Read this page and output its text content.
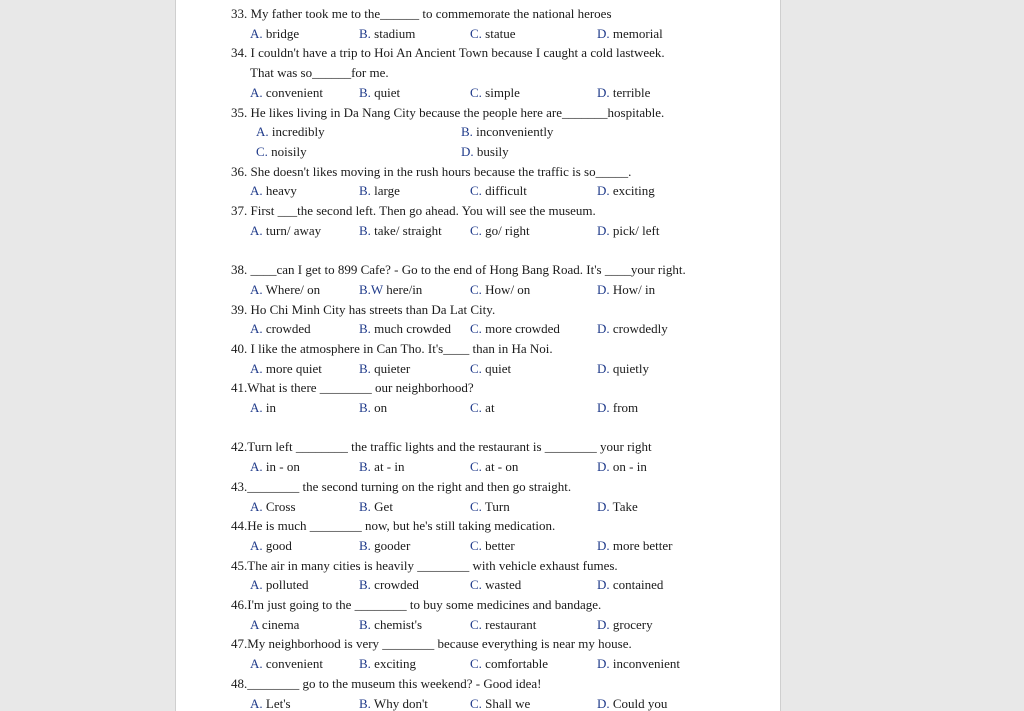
33. My father took me to the______ to commemorate the national heroes
A. bridge	B. stadium	C. statue	D. memorial
34. I couldn't have a trip to Hoi An Ancient Town because I caught a cold lastweek.
That was so______for me.
A. convenient	B. quiet	C. simple	D. terrible
35. He likes living in Da Nang City because the people here are_______hospitable.
A. incredibly	B. inconveniently
C. noisily	D. busily
36. She doesn't likes moving in the rush hours because the traffic is so_____.
A. heavy	B. large	C. difficult	D. exciting
37. First ___the second left. Then go ahead. You will see the museum.
A. turn/ away	B. take/ straight C. go/ right	D. pick/ left
38. ____can I get to 899 Cafe? - Go to the end of Hong Bang Road. It's ____your right.
A. Where/ on	B.W here/in	C. How/ on	D. How/ in
39. Ho Chi Minh City has streets than Da Lat City.
A. crowded	B. much crowded C. more crowded	D. crowdedly
40. I like the atmosphere in Can Tho. It's____ than in Ha Noi.
A. more quiet	B. quieter	C. quiet	D. quietly
41.What is there ________ our neighborhood?
A. in	B. on	C. at	D. from
42.Turn left ________ the traffic lights and the restaurant is ________ your right
A. in - on	B. at - in	C. at - on	D. on - in
43.________ the second turning on the right and then go straight.
A. Cross	B. Get	C. Turn	D. Take
44.He is much ________ now, but he's still taking medication.
A. good	B. gooder	C. better	D. more better
45.The air in many cities is heavily ________ with vehicle exhaust fumes.
A. polluted	B. crowded	C. wasted	D. contained
46.I'm just going to the ________ to buy some medicines and bandage.
A cinema	B. chemist's	C. restaurant	D. grocery
47.My neighborhood is very ________ because everything is near my house.
A. convenient	B. exciting	C. comfortable	D. inconvenient
48.________ go to the museum this weekend? - Good idea!
A. Let's	B. Why don't	C. Shall we	D. Could you
